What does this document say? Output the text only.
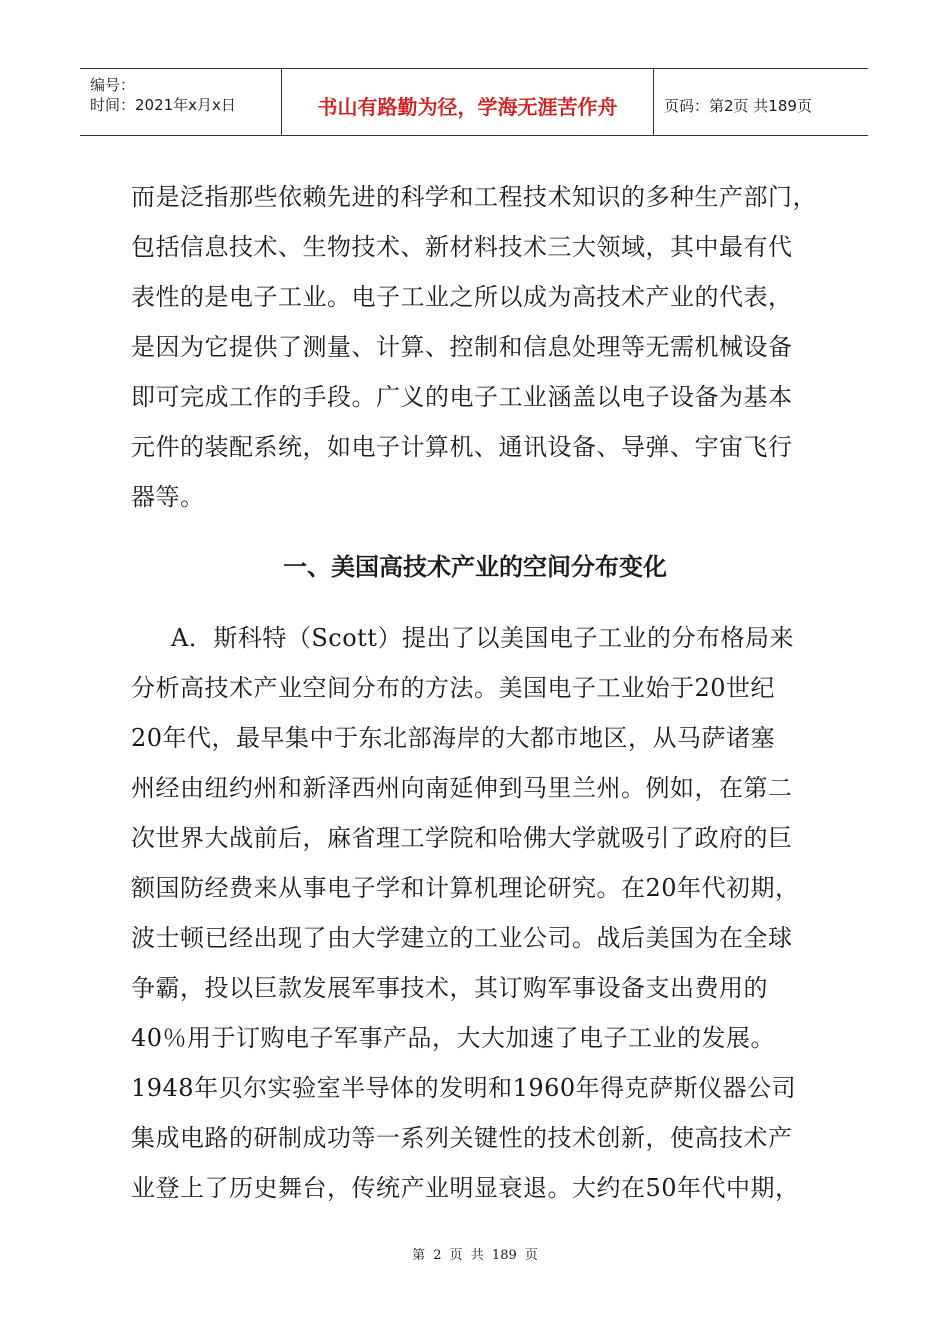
编号：
时间：2021年x月x日	书山有路勤为径，学海无涯苦作舟	页码：第2页 共189页

而是泛指那些依赖先进的科学和工程技术知识的多种生产部门，

包括信息技术、生物技术、新材料技术三大领域，其中最有代

表性的是电子工业。电子工业之所以成为高技术产业的代表，

是因为它提供了测量、计算、控制和信息处理等无需机械设备

即可完成工作的手段。广义的电子工业涵盖以电子设备为基本

元件的装配系统，如电子计算机、通讯设备、导弹、宇宙飞行

器等。

一、美国高技术产业的空间分布变化

A．斯科特（Scott）提出了以美国电子工业的分布格局来

分析高技术产业空间分布的方法。美国电子工业始于20世纪

20年代，最早集中于东北部海岸的大都市地区，从马萨诸塞

州经由纽约州和新泽西州向南延伸到马里兰州。例如，在第二

次世界大战前后，麻省理工学院和哈佛大学就吸引了政府的巨

额国防经费来从事电子学和计算机理论研究。在20年代初期，

波士顿已经出现了由大学建立的工业公司。战后美国为在全球

争霸，投以巨款发展军事技术，其订购军事设备支出费用的

40％用于订购电子军事产品，大大加速了电子工业的发展。

1948年贝尔实验室半导体的发明和1960年得克萨斯仪器公司

集成电路的研制成功等一系列关键性的技术创新，使高技术产

业登上了历史舞台，传统产业明显衰退。大约在50年代中期，

第 2 页 共 189 页
